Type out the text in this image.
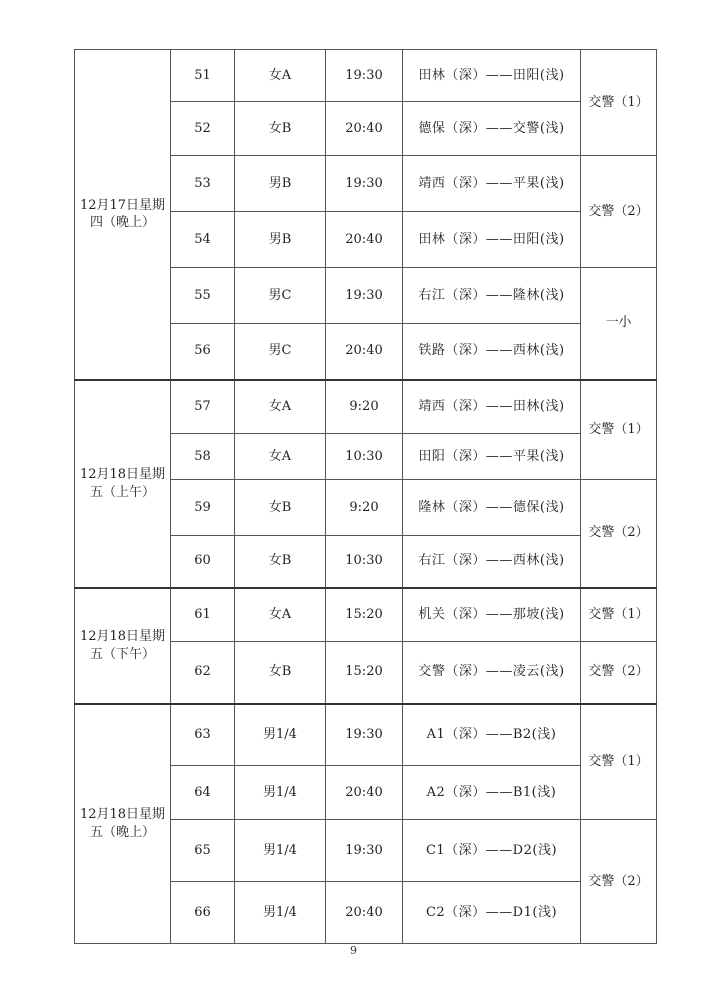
12月17日星期四（晚上）	51	女A	19:30	田林（深）——田阳(浅)	交警（1）
	52	女B	20:40	德保（深）——交警(浅)	
	53	男B	19:30	靖西（深）——平果(浅)	交警（2）
	54	男B	20:40	田林（深）——田阳(浅)	
	55	男C	19:30	右江（深）——隆林(浅)	一小
	56	男C	20:40	铁路（深）——西林(浅)	
12月18日星期五（上午）	57	女A	9:20	靖西（深）——田林(浅)	交警（1）
	58	女A	10:30	田阳（深）——平果(浅)	
	59	女B	9:20	隆林（深）——德保(浅)	交警（2）
	60	女B	10:30	右江（深）——西林(浅)	
12月18日星期五（下午）	61	女A	15:20	机关（深）——那坡(浅)	交警（1）
	62	女B	15:20	交警（深）——凌云(浅)	交警（2）
12月18日星期五（晚上）	63	男1/4	19:30	A1（深）——B2(浅)	交警（1）
	64	男1/4	20:40	A2（深）——B1(浅)	
	65	男1/4	19:30	C1（深）——D2(浅)	交警（2）
	66	男1/4	20:40	C2（深）——D1(浅)	
9
